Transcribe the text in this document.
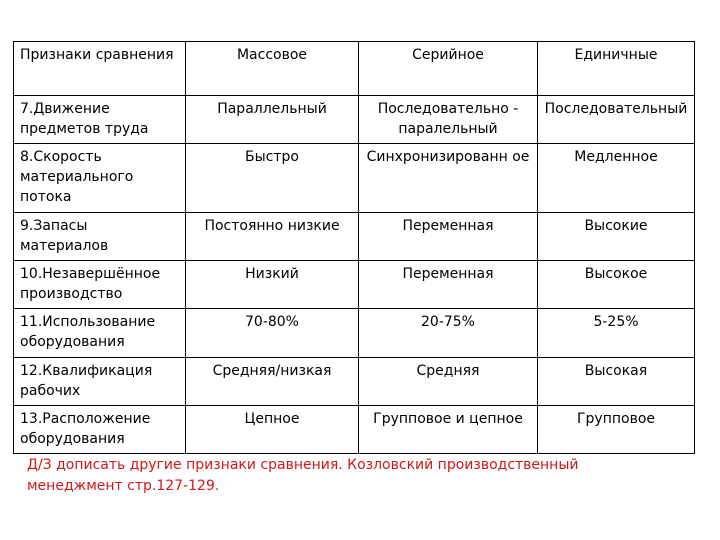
Признаки сравнения	Массовое	Серийное	Единичные
7.Движение предметов труда	Параллельный	Последовательно - паралельный	Последовательный
8.Скорость материального потока	Быстро	Синхронизированн ое	Медленное
9.Запасы материалов	Постоянно низкие	Переменная	Высокие
10.Незавершённое производство	Низкий	Переменная	Высокое
11.Использование оборудования	70-80%	20-75%	5-25%
12.Квалификация рабочих	Средняя/низкая	Средняя	Высокая
13.Расположение оборудования	Цепное	Групповое и цепное	Групповое
Д/З дописать другие признаки сравнения. Козловский производственный менеджмент стр.127-129.
